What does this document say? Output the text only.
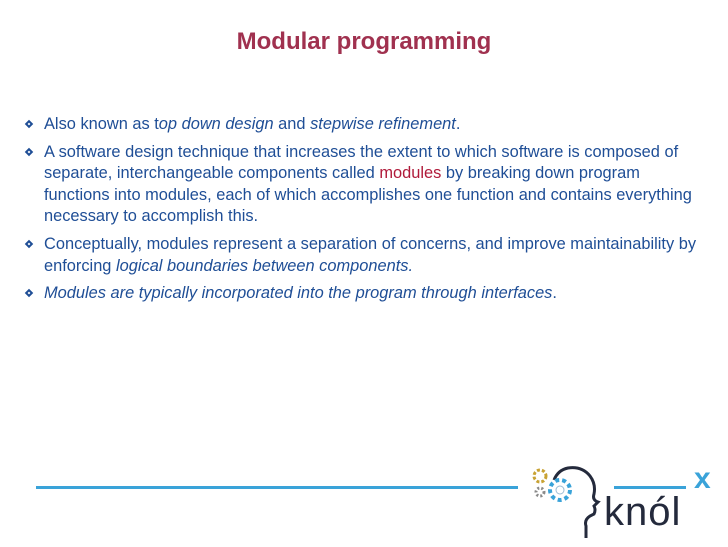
Modular programming
Also known as top down design and stepwise refinement.
A software design technique that increases the extent to which software is composed of separate, interchangeable components called modules by breaking down program functions into modules, each of which accomplishes one function and contains everything necessary to accomplish this.
Conceptually, modules represent a separation of concerns, and improve maintainability by enforcing logical boundaries between components.
Modules are typically incorporated into the program through interfaces.
knól
x
